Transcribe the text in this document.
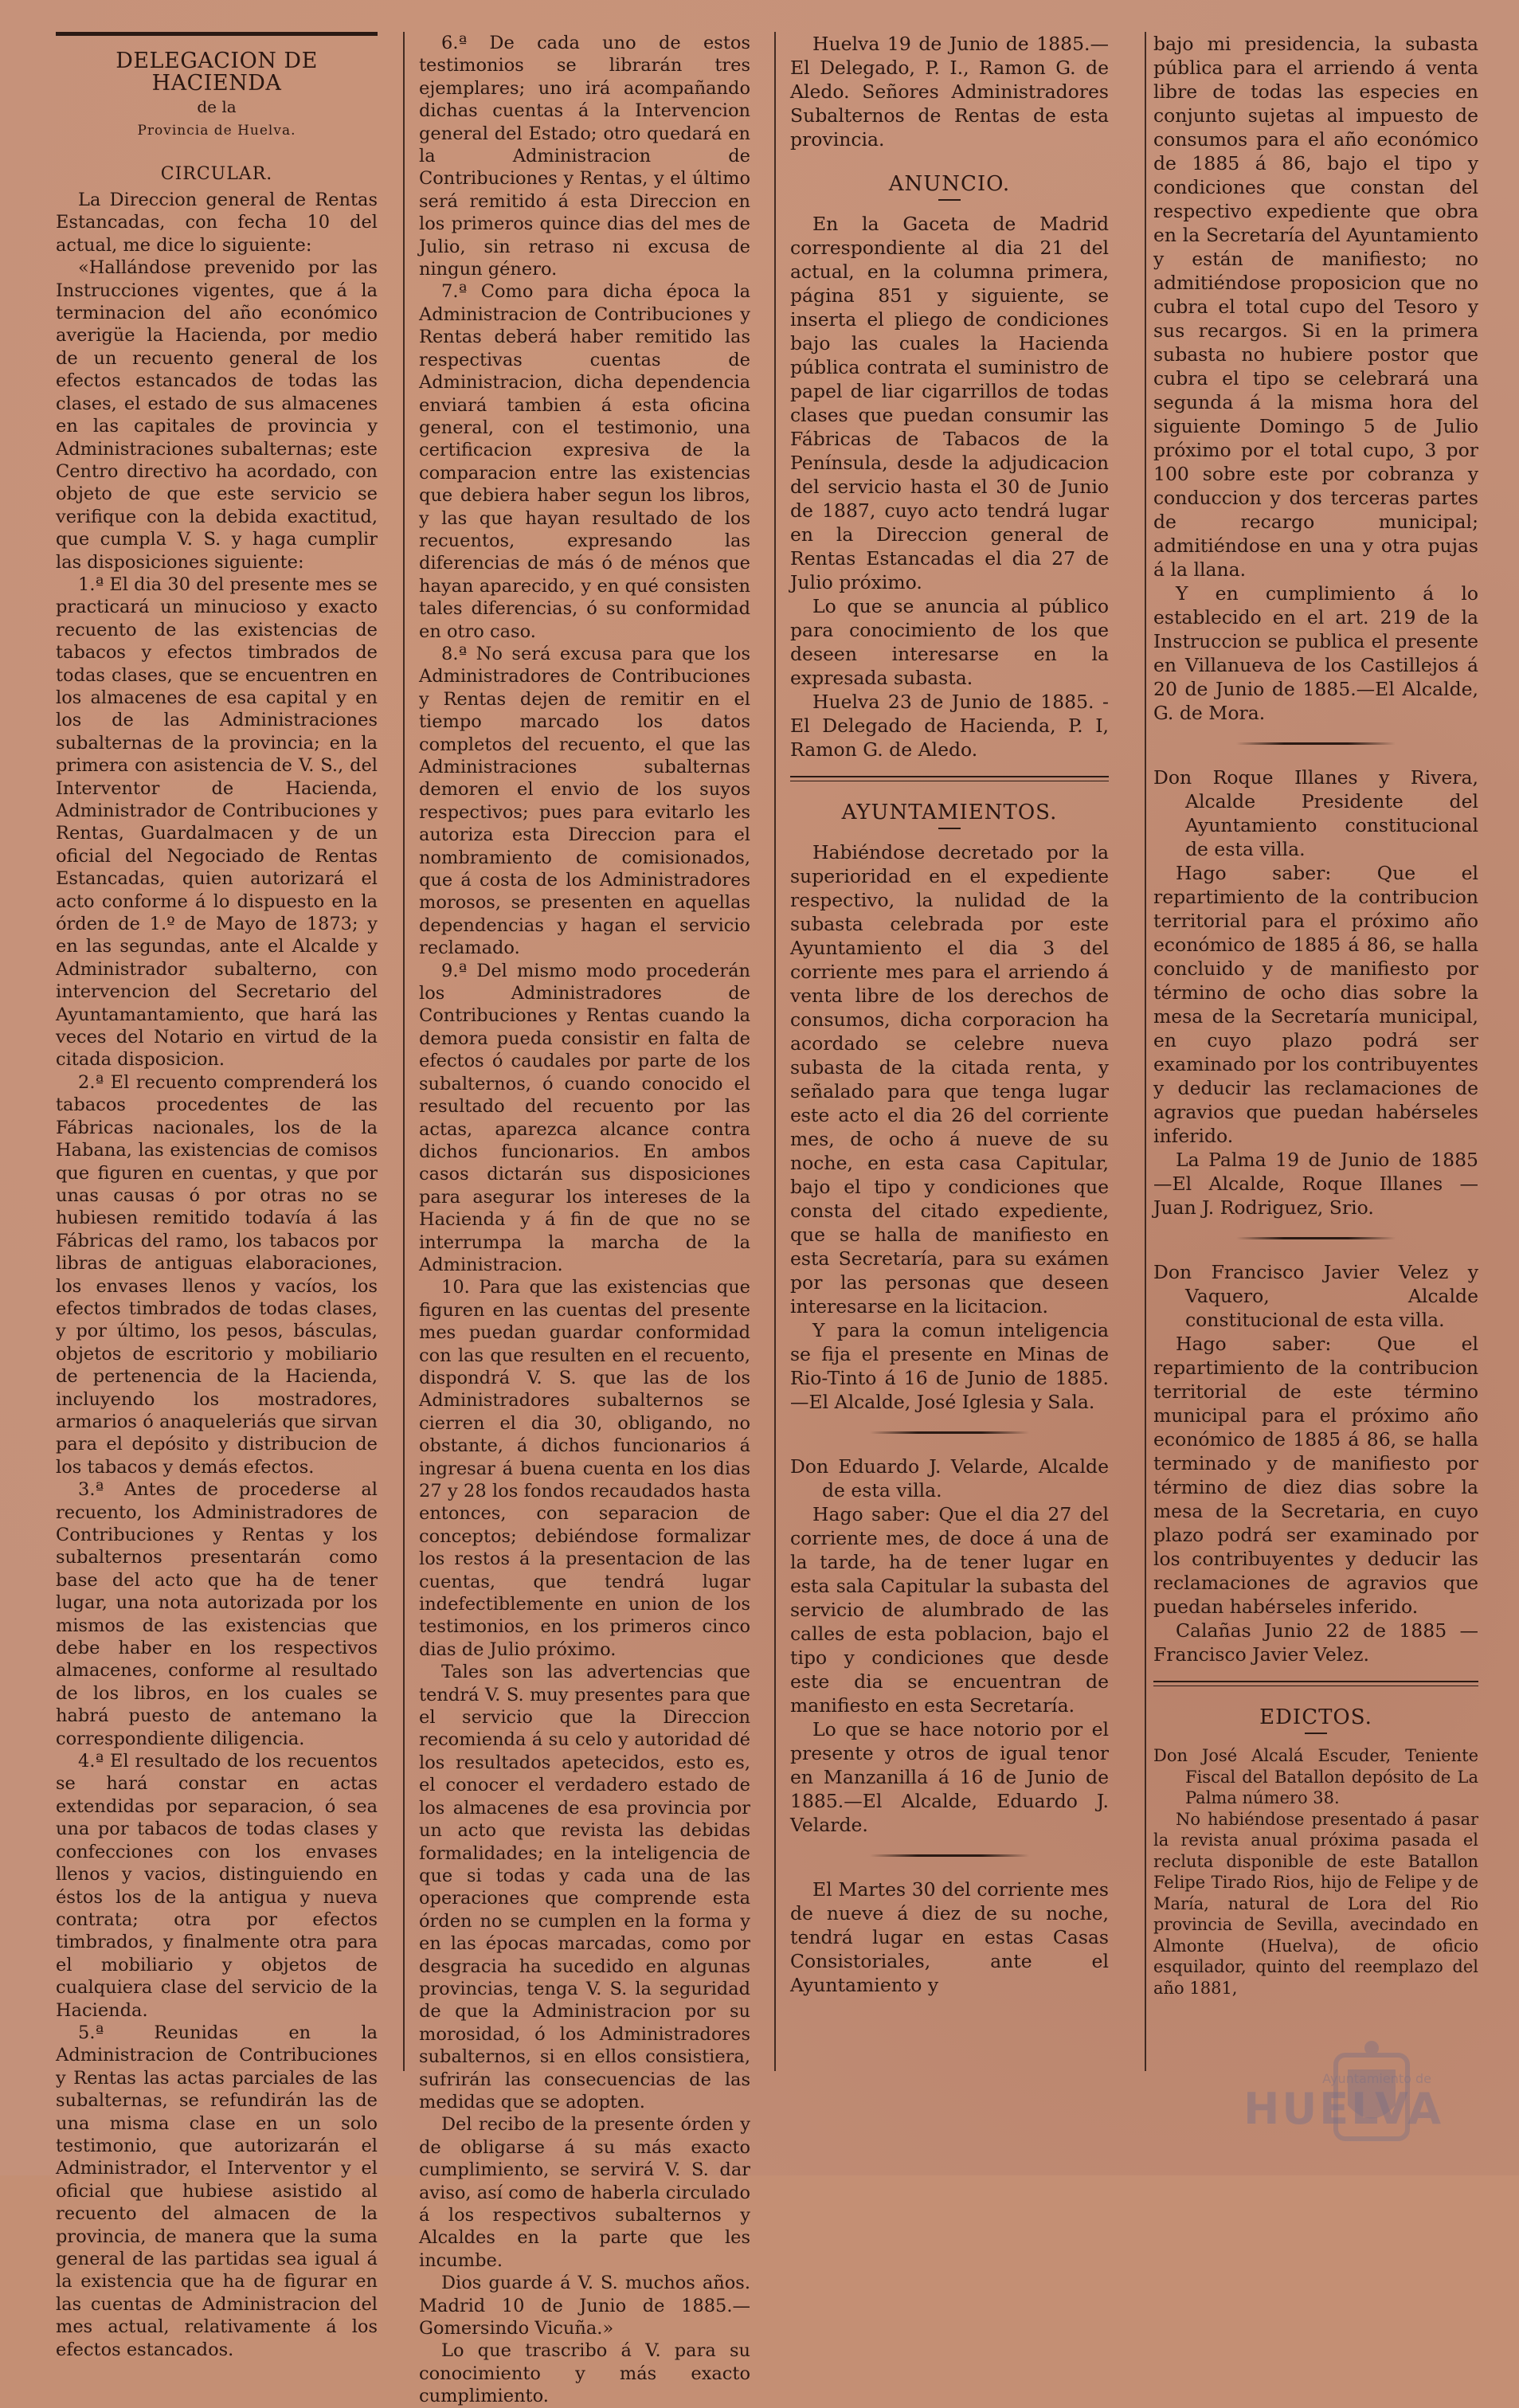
DELEGACION DE HACIENDA
de la
Provincia de Huelva.
CIRCULAR.

La Direccion general de Rentas Estancadas, con fecha 10 del actual, me dice lo siguiente:

«Hallándose prevenido por las Instrucciones vigentes, que á la terminacion del año económico averigüe la Hacienda, por medio de un recuento general de los efectos estancados de todas las clases, el estado de sus almacenes en las capitales de provincia y Administraciones subalternas; este Centro directivo ha acordado, con objeto de que este servicio se verifique con la debida exactitud, que cumpla V. S. y haga cumplir las disposiciones siguiente:

1.ª El dia 30 del presente mes se practicará un minucioso y exacto recuento de las existencias de tabacos y efectos timbrados de todas clases, que se encuentren en los almacenes de esa capital y en los de las Administraciones subalternas de la provincia; en la primera con asistencia de V. S., del Interventor de Hacienda, Administrador de Contribuciones y Rentas, Guardalmacen y de un oficial del Negociado de Rentas Estancadas, quien autorizará el acto conforme á lo dispuesto en la órden de 1.º de Mayo de 1873; y en las segundas, ante el Alcalde y Administrador subalterno, con intervencion del Secretario del Ayuntamantamiento, que hará las veces del Notario en virtud de la citada disposicion.

2.ª El recuento comprenderá los tabacos procedentes de las Fábricas nacionales, los de la Habana, las existencias de comisos que figuren en cuentas, y que por unas causas ó por otras no se hubiesen remitido todavía á las Fábricas del ramo, los tabacos por libras de antiguas elaboraciones, los envases llenos y vacíos, los efectos timbrados de todas clases, y por último, los pesos, básculas, objetos de escritorio y mobiliario de pertenencia de la Hacienda, incluyendo los mostradores, armarios ó anaqueleriás que sirvan para el depósito y distribucion de los tabacos y demás efectos.

3.ª Antes de procederse al recuento, los Administradores de Contribuciones y Rentas y los subalternos presentarán como base del acto que ha de tener lugar, una nota autorizada por los mismos de las existencias que debe haber en los respectivos almacenes, conforme al resultado de los libros, en los cuales se habrá puesto de antemano la correspondiente diligencia.

4.ª El resultado de los recuentos se hará constar en actas extendidas por separacion, ó sea una por tabacos de todas clases y confecciones con los envases llenos y vacios, distinguiendo en éstos los de la antigua y nueva contrata; otra por efectos timbrados, y finalmente otra para el mobiliario y objetos de cualquiera clase del servicio de la Hacienda.

5.ª Reunidas en la Administracion de Contribuciones y Rentas las actas parciales de las subalternas, se refundirán las de una misma clase en un solo testimonio, que autorizarán el Administrador, el Interventor y el oficial que hubiese asistido al recuento del almacen de la provincia, de manera que la suma general de las partidas sea igual á la existencia que ha de figurar en las cuentas de Administracion del mes actual, relativamente á los efectos estancados.

6.ª De cada uno de estos testimonios se librarán tres ejemplares; uno irá acompañando dichas cuentas á la Intervencion general del Estado; otro quedará en la Administracion de Contribuciones y Rentas, y el último será remitido á esta Direccion en los primeros quince dias del mes de Julio, sin retraso ni excusa de ningun género.

7.ª Como para dicha época la Administracion de Contribuciones y Rentas deberá haber remitido las respectivas cuentas de Administracion, dicha dependencia enviará tambien á esta oficina general, con el testimonio, una certificacion expresiva de la comparacion entre las existencias que debiera haber segun los libros, y las que hayan resultado de los recuentos, expresando las diferencias de más ó de ménos que hayan aparecido, y en qué consisten tales diferencias, ó su conformidad en otro caso.

8.ª No será excusa para que los Administradores de Contribuciones y Rentas dejen de remitir en el tiempo marcado los datos completos del recuento, el que las Administraciones subalternas demoren el envio de los suyos respectivos; pues para evitarlo les autoriza esta Direccion para el nombramiento de comisionados, que á costa de los Administradores morosos, se presenten en aquellas dependencias y hagan el servicio reclamado.

9.ª Del mismo modo procederán los Administradores de Contribuciones y Rentas cuando la demora pueda consistir en falta de efectos ó caudales por parte de los subalternos, ó cuando conocido el resultado del recuento por las actas, aparezca alcance contra dichos funcionarios. En ambos casos dictarán sus disposiciones para asegurar los intereses de la Hacienda y á fin de que no se interrumpa la marcha de la Administracion.

10. Para que las existencias que figuren en las cuentas del presente mes puedan guardar conformidad con las que resulten en el recuento, dispondrá V. S. que las de los Administradores subalternos se cierren el dia 30, obligando, no obstante, á dichos funcionarios á ingresar á buena cuenta en los dias 27 y 28 los fondos recaudados hasta entonces, con separacion de conceptos; debiéndose formalizar los restos á la presentacion de las cuentas, que tendrá lugar indefectiblemente en union de los testimonios, en los primeros cinco dias de Julio próximo.

Tales son las advertencias que tendrá V. S. muy presentes para que el servicio que la Direccion recomienda á su celo y autoridad dé los resultados apetecidos, esto es, el conocer el verdadero estado de los almacenes de esa provincia por un acto que revista las debidas formalidades; en la inteligencia de que si todas y cada una de las operaciones que comprende esta órden no se cumplen en la forma y en las épocas marcadas, como por desgracia ha sucedido en algunas provincias, tenga V. S. la seguridad de que la Administracion por su morosidad, ó los Administradores subalternos, si en ellos consistiera, sufrirán las consecuencias de las medidas que se adopten.

Del recibo de la presente órden y de obligarse á su más exacto cumplimiento, se servirá V. S. dar aviso, así como de haberla circulado á los respectivos subalternos y Alcaldes en la parte que les incumbe.

Dios guarde á V. S. muchos años. Madrid 10 de Junio de 1885.—Gomersindo Vicuña.»

Lo que trascribo á V. para su conocimiento y más exacto cumplimiento.

Huelva 19 de Junio de 1885.—El Delegado, P. I., Ramon G. de Aledo. Señores Administradores Subalternos de Rentas de esta provincia.

ANUNCIO.

En la Gaceta de Madrid correspondiente al dia 21 del actual, en la columna primera, página 851 y siguiente, se inserta el pliego de condiciones bajo las cuales la Hacienda pública contrata el suministro de papel de liar cigarrillos de todas clases que puedan consumir las Fábricas de Tabacos de la Península, desde la adjudicacion del servicio hasta el 30 de Junio de 1887, cuyo acto tendrá lugar en la Direccion general de Rentas Estancadas el dia 27 de Julio próximo.

Lo que se anuncia al público para conocimiento de los que deseen interesarse en la expresada subasta.

Huelva 23 de Junio de 1885. -El Delegado de Hacienda, P. I, Ramon G. de Aledo.

AYUNTAMIENTOS.

Habiéndose decretado por la superioridad en el expediente respectivo, la nulidad de la subasta celebrada por este Ayuntamiento el dia 3 del corriente mes para el arriendo á venta libre de los derechos de consumos, dicha corporacion ha acordado se celebre nueva subasta de la citada renta, y señalado para que tenga lugar este acto el dia 26 del corriente mes, de ocho á nueve de su noche, en esta casa Capitular, bajo el tipo y condiciones que consta del citado expediente, que se halla de manifiesto en esta Secretaría, para su exámen por las personas que deseen interesarse en la licitacion.

Y para la comun inteligencia se fija el presente en Minas de Rio-Tinto á 16 de Junio de 1885.—El Alcalde, José Iglesia y Sala.

Don Eduardo J. Velarde, Alcalde de esta villa.

Hago saber: Que el dia 27 del corriente mes, de doce á una de la tarde, ha de tener lugar en esta sala Capitular la subasta del servicio de alumbrado de las calles de esta poblacion, bajo el tipo y condiciones que desde este dia se encuentran de manifiesto en esta Secretaría.

Lo que se hace notorio por el presente y otros de igual tenor en Manzanilla á 16 de Junio de 1885.—El Alcalde, Eduardo J. Velarde.

El Martes 30 del corriente mes de nueve á diez de su noche, tendrá lugar en estas Casas Consistoriales, ante el Ayuntamiento y

bajo mi presidencia, la subasta pública para el arriendo á venta libre de todas las especies en conjunto sujetas al impuesto de consumos para el año económico de 1885 á 86, bajo el tipo y condiciones que constan del respectivo expediente que obra en la Secretaría del Ayuntamiento y están de manifiesto; no admitiéndose proposicion que no cubra el total cupo del Tesoro y sus recargos. Si en la primera subasta no hubiere postor que cubra el tipo se celebrará una segunda á la misma hora del siguiente Domingo 5 de Julio próximo por el total cupo, 3 por 100 sobre este por cobranza y conduccion y dos terceras partes de recargo municipal; admitiéndose en una y otra pujas á la llana.

Y en cumplimiento á lo establecido en el art. 219 de la Instruccion se publica el presente en Villanueva de los Castillejos á 20 de Junio de 1885.—El Alcalde, G. de Mora.

Don Roque Illanes y Rivera, Alcalde Presidente del Ayuntamiento constitucional de esta villa.

Hago saber: Que el repartimiento de la contribucion territorial para el próximo año económico de 1885 á 86, se halla concluido y de manifiesto por término de ocho dias sobre la mesa de la Secretaría municipal, en cuyo plazo podrá ser examinado por los contribuyentes y deducir las reclamaciones de agravios que puedan habérseles inferido.

La Palma 19 de Junio de 1885 —El Alcalde, Roque Illanes — Juan J. Rodriguez, Srio.

Don Francisco Javier Velez y Vaquero, Alcalde constitucional de esta villa.

Hago saber: Que el repartimiento de la contribucion territorial de este término municipal para el próximo año económico de 1885 á 86, se halla terminado y de manifiesto por término de diez dias sobre la mesa de la Secretaria, en cuyo plazo podrá ser examinado por los contribuyentes y deducir las reclamaciones de agravios que puedan habérseles inferido.

Calañas Junio 22 de 1885 — Francisco Javier Velez.

EDICTOS.

Don José Alcalá Escuder, Teniente Fiscal del Batallon depósito de La Palma número 38.

No habiéndose presentado á pasar la revista anual próxima pasada el recluta disponible de este Batallon Felipe Tirado Rios, hijo de Felipe y de María, natural de Lora del Rio provincia de Sevilla, avecindado en Almonte (Huelva), de oficio esquilador, quinto del reemplazo del año 1881,

Ayuntamiento de
HUELVA
